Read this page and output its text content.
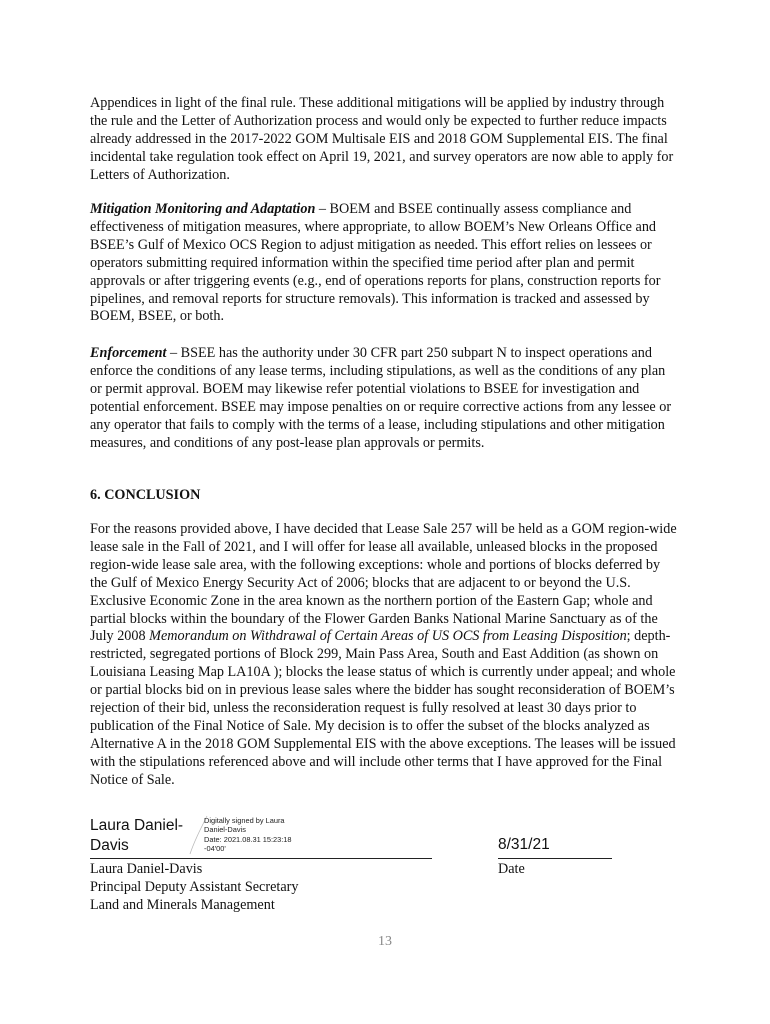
Appendices in light of the final rule. These additional mitigations will be applied by industry through the rule and the Letter of Authorization process and would only be expected to further reduce impacts already addressed in the 2017-2022 GOM Multisale EIS and 2018 GOM Supplemental EIS. The final incidental take regulation took effect on April 19, 2021, and survey operators are now able to apply for Letters of Authorization.

Mitigation Monitoring and Adaptation – BOEM and BSEE continually assess compliance and effectiveness of mitigation measures, where appropriate, to allow BOEM’s New Orleans Office and BSEE’s Gulf of Mexico OCS Region to adjust mitigation as needed. This effort relies on lessees or operators submitting required information within the specified time period after plan and permit approvals or after triggering events (e.g., end of operations reports for plans, construction reports for pipelines, and removal reports for structure removals). This information is tracked and assessed by BOEM, BSEE, or both.

Enforcement – BSEE has the authority under 30 CFR part 250 subpart N to inspect operations and enforce the conditions of any lease terms, including stipulations, as well as the conditions of any plan or permit approval. BOEM may likewise refer potential violations to BSEE for investigation and potential enforcement. BSEE may impose penalties on or require corrective actions from any lessee or any operator that fails to comply with the terms of a lease, including stipulations and other mitigation measures, and conditions of any post-lease plan approvals or permits.

6. CONCLUSION

For the reasons provided above, I have decided that Lease Sale 257 will be held as a GOM region-wide lease sale in the Fall of 2021, and I will offer for lease all available, unleased blocks in the proposed region-wide lease sale area, with the following exceptions: whole and portions of blocks deferred by the Gulf of Mexico Energy Security Act of 2006; blocks that are adjacent to or beyond the U.S. Exclusive Economic Zone in the area known as the northern portion of the Eastern Gap; whole and partial blocks within the boundary of the Flower Garden Banks National Marine Sanctuary as of the July 2008 Memorandum on Withdrawal of Certain Areas of US OCS from Leasing Disposition; depth-restricted, segregated portions of Block 299, Main Pass Area, South and East Addition (as shown on Louisiana Leasing Map LA10A ); blocks the lease status of which is currently under appeal; and whole or partial blocks bid on in previous lease sales where the bidder has sought reconsideration of BOEM’s rejection of their bid, unless the reconsideration request is fully resolved at least 30 days prior to publication of the Final Notice of Sale. My decision is to offer the subset of the blocks analyzed as Alternative A in the 2018 GOM Supplemental EIS with the above exceptions. The leases will be issued with the stipulations referenced above and will include other terms that I have approved for the Final Notice of Sale.

Laura Daniel-Davis
Digitally signed by Laura
Daniel-Davis
Date: 2021.08.31 15:23:18
-04'00'	8/31/21
Date
Laura Daniel-Davis
Principal Deputy Assistant Secretary
Land and Minerals Management
13
